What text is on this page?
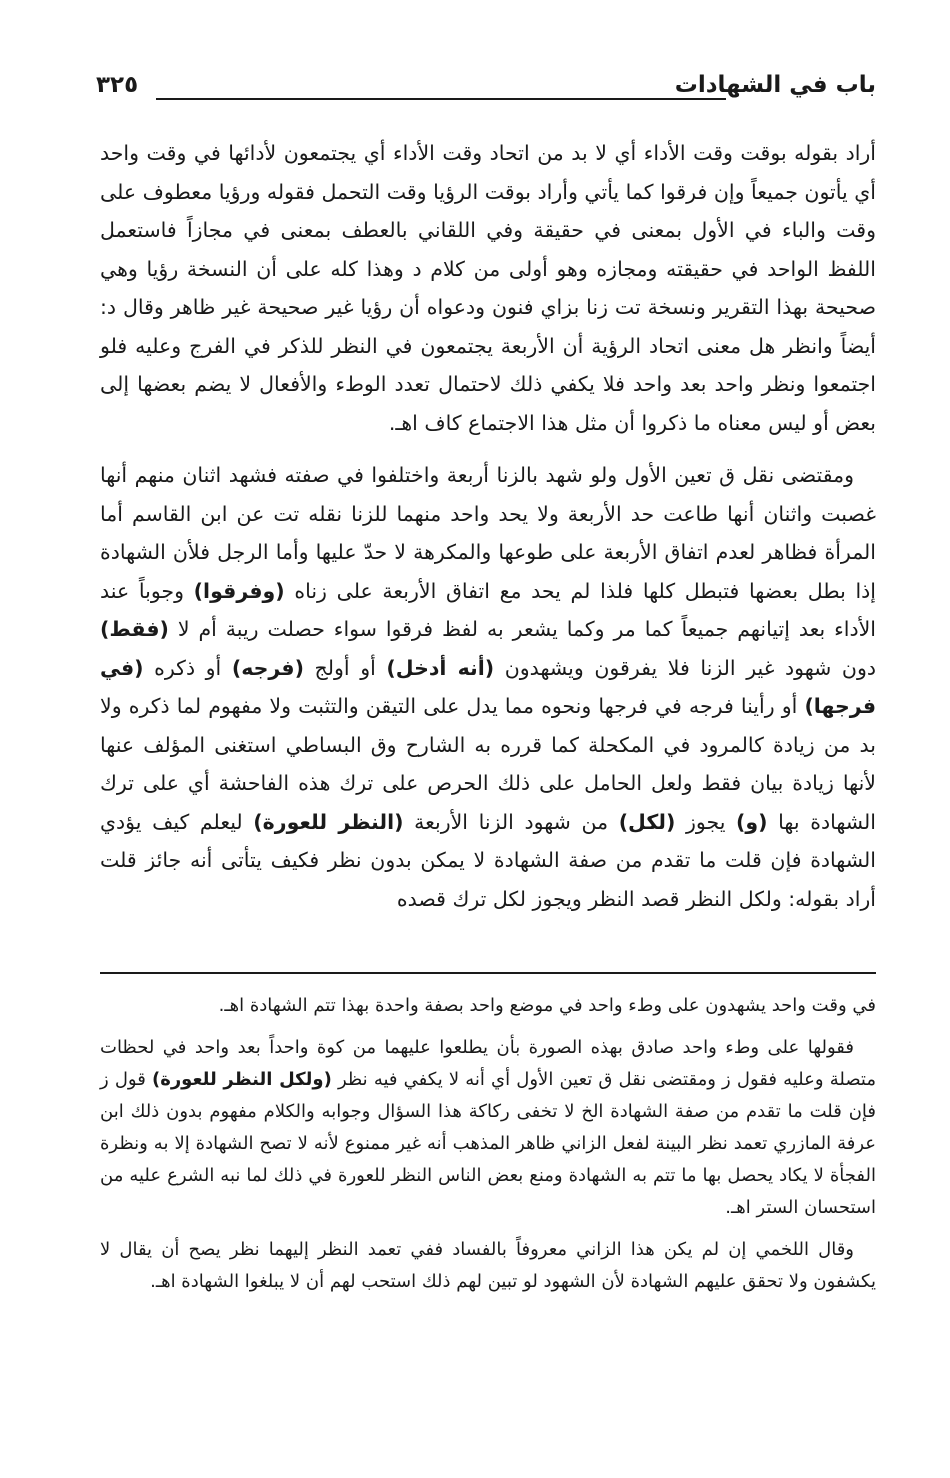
باب في الشهادات
٣٢٥

أراد بقوله بوقت وقت الأداء أي لا بد من اتحاد وقت الأداء أي يجتمعون لأدائها في وقت واحد أي يأتون جميعاً وإن فرقوا كما يأتي وأراد بوقت الرؤيا وقت التحمل فقوله ورؤيا معطوف على وقت والباء في الأول بمعنى في حقيقة وفي اللقاني بالعطف بمعنى في مجازاً فاستعمل اللفظ الواحد في حقيقته ومجازه وهو أولى من كلام د وهذا كله على أن النسخة رؤيا وهي صحيحة بهذا التقرير ونسخة تت زنا بزاي فنون ودعواه أن رؤيا غير صحيحة غير ظاهر وقال د: أيضاً وانظر هل معنى اتحاد الرؤية أن الأربعة يجتمعون في النظر للذكر في الفرج وعليه فلو اجتمعوا ونظر واحد بعد واحد فلا يكفي ذلك لاحتمال تعدد الوطء والأفعال لا يضم بعضها إلى بعض أو ليس معناه ما ذكروا أن مثل هذا الاجتماع كاف اهـ.

ومقتضى نقل ق تعين الأول ولو شهد بالزنا أربعة واختلفوا في صفته فشهد اثنان منهم أنها غصبت واثنان أنها طاعت حد الأربعة ولا يحد واحد منهما للزنا نقله تت عن ابن القاسم أما المرأة فظاهر لعدم اتفاق الأربعة على طوعها والمكرهة لا حدّ عليها وأما الرجل فلأن الشهادة إذا بطل بعضها فتبطل كلها فلذا لم يحد مع اتفاق الأربعة على زناه (وفرقوا) وجوباً عند الأداء بعد إتيانهم جميعاً كما مر وكما يشعر به لفظ فرقوا سواء حصلت ريبة أم لا (فقط) دون شهود غير الزنا فلا يفرقون ويشهدون (أنه أدخل) أو أولج (فرجه) أو ذكره (في فرجها) أو رأينا فرجه في فرجها ونحوه مما يدل على التيقن والتثبت ولا مفهوم لما ذكره ولا بد من زيادة كالمرود في المكحلة كما قرره به الشارح وق البساطي استغنى المؤلف عنها لأنها زيادة بيان فقط ولعل الحامل على ذلك الحرص على ترك هذه الفاحشة أي على ترك الشهادة بها (و) يجوز (لكل) من شهود الزنا الأربعة (النظر للعورة) ليعلم كيف يؤدي الشهادة فإن قلت ما تقدم من صفة الشهادة لا يمكن بدون نظر فكيف يتأتى أنه جائز قلت أراد بقوله: ولكل النظر قصد النظر ويجوز لكل ترك قصده

في وقت واحد يشهدون على وطء واحد في موضع واحد بصفة واحدة بهذا تتم الشهادة اهـ.

فقولها على وطء واحد صادق بهذه الصورة بأن يطلعوا عليهما من كوة واحداً بعد واحد في لحظات متصلة وعليه فقول ز ومقتضى نقل ق تعين الأول أي أنه لا يكفي فيه نظر (ولكل النظر للعورة) قول ز فإن قلت ما تقدم من صفة الشهادة الخ لا تخفى ركاكة هذا السؤال وجوابه والكلام مفهوم بدون ذلك ابن عرفة المازري تعمد نظر البينة لفعل الزاني ظاهر المذهب أنه غير ممنوع لأنه لا تصح الشهادة إلا به ونظرة الفجأة لا يكاد يحصل بها ما تتم به الشهادة ومنع بعض الناس النظر للعورة في ذلك لما نبه الشرع عليه من استحسان الستر اهـ.

وقال اللخمي إن لم يكن هذا الزاني معروفاً بالفساد ففي تعمد النظر إليهما نظر يصح أن يقال لا يكشفون ولا تحقق عليهم الشهادة لأن الشهود لو تبين لهم ذلك استحب لهم أن لا يبلغوا الشهادة اهـ.
